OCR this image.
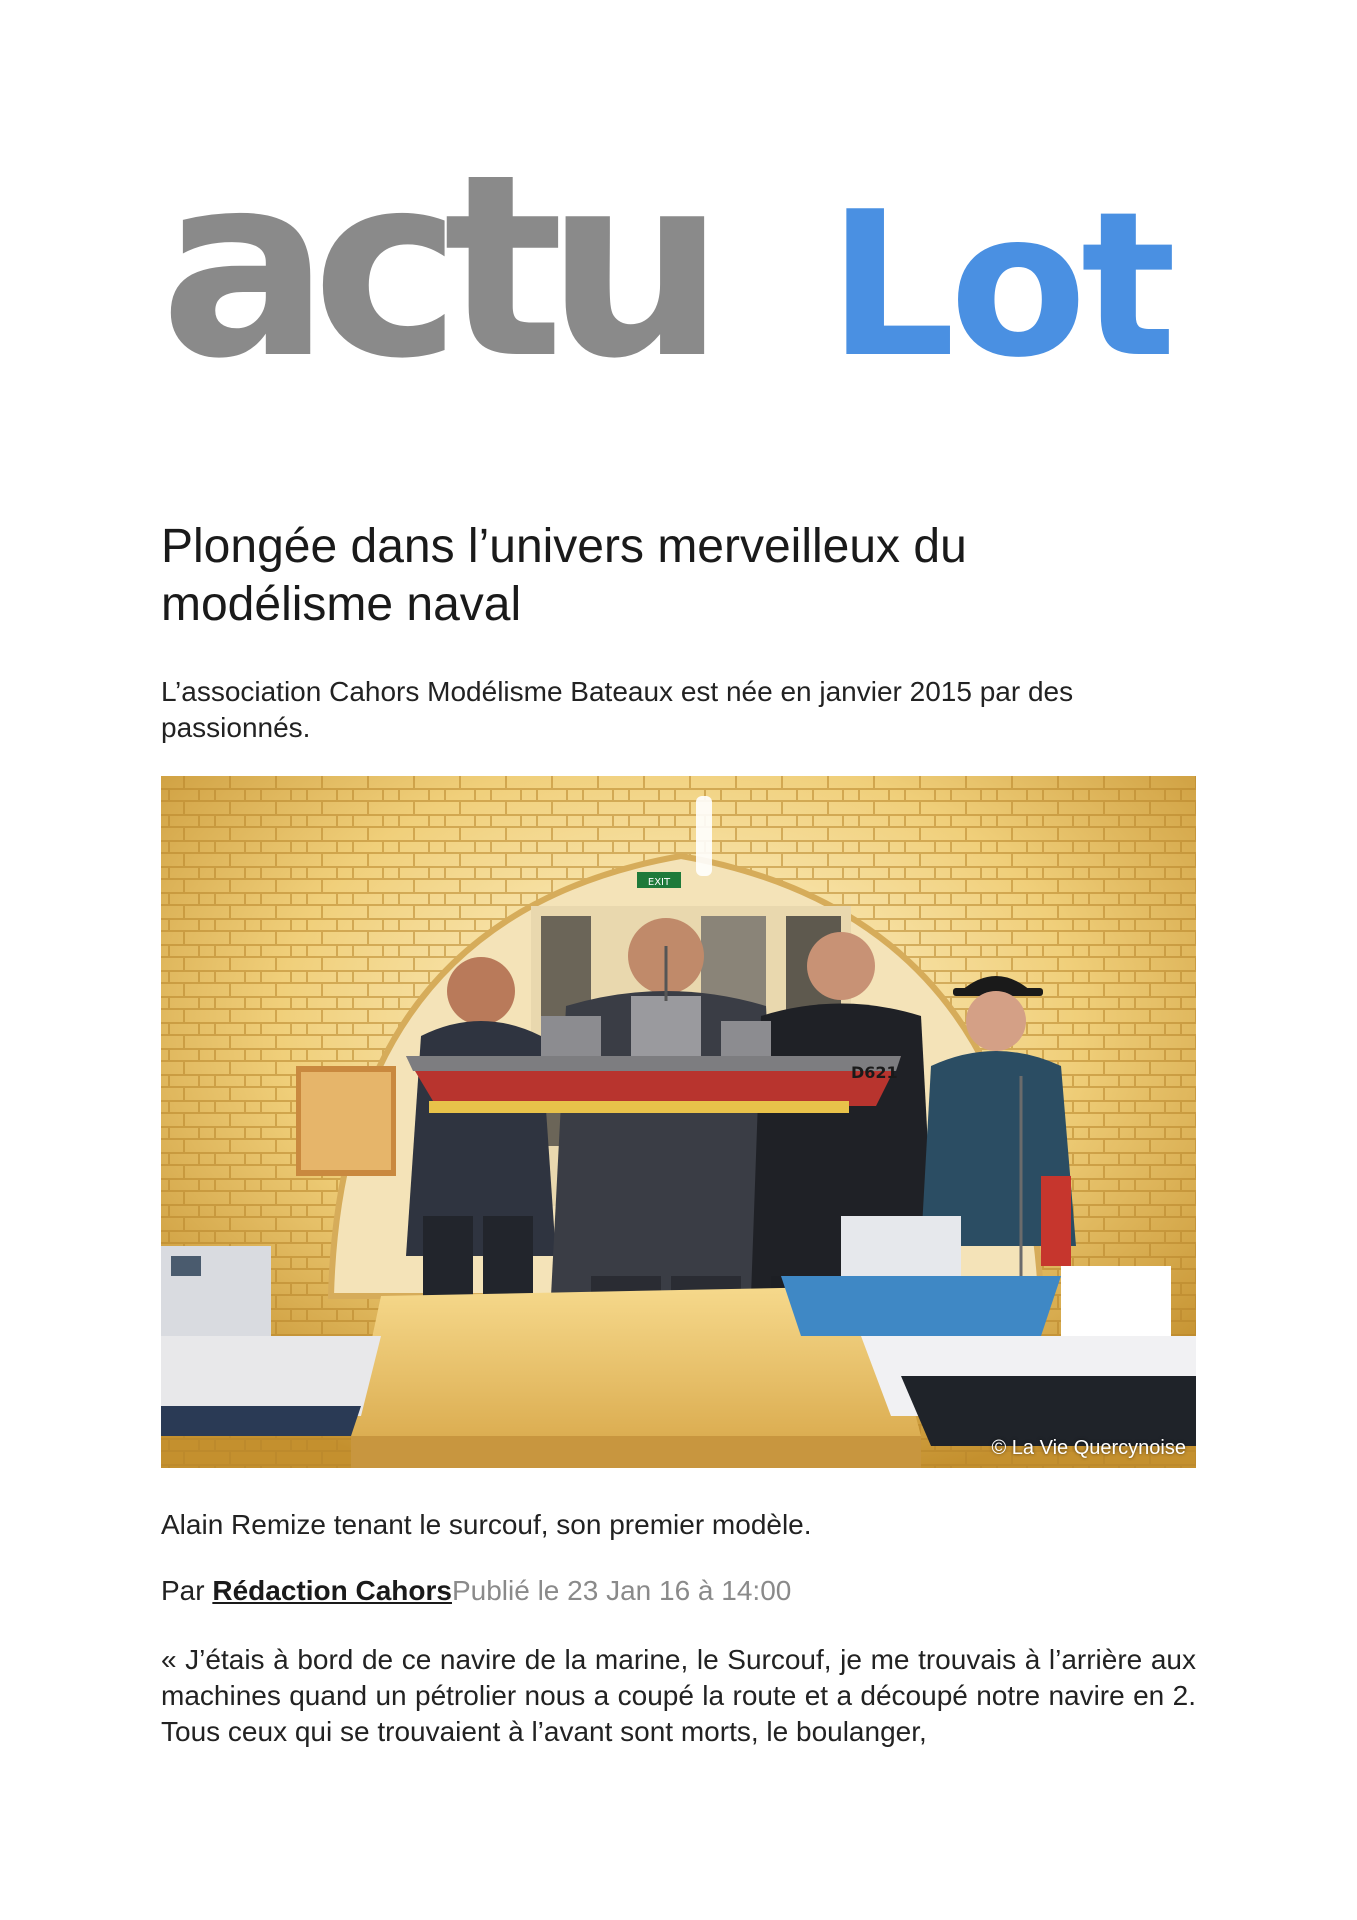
actu Lot
Plongée dans l’univers merveilleux du modélisme naval

L’association Cahors Modélisme Bateaux est née en janvier 2015 par des passionnés.

EXIT
D621
© La Vie Quercynoise

Alain Remize tenant le surcouf, son premier modèle.

Par Rédaction CahorsPublié le 23 Jan 16 à 14:00

« J’étais à bord de ce navire de la marine, le Surcouf, je me trouvais à l’arrière aux machines quand un pétrolier nous a coupé la route et a découpé notre navire en 2. Tous ceux qui se trouvaient à l’avant sont morts, le boulanger,
